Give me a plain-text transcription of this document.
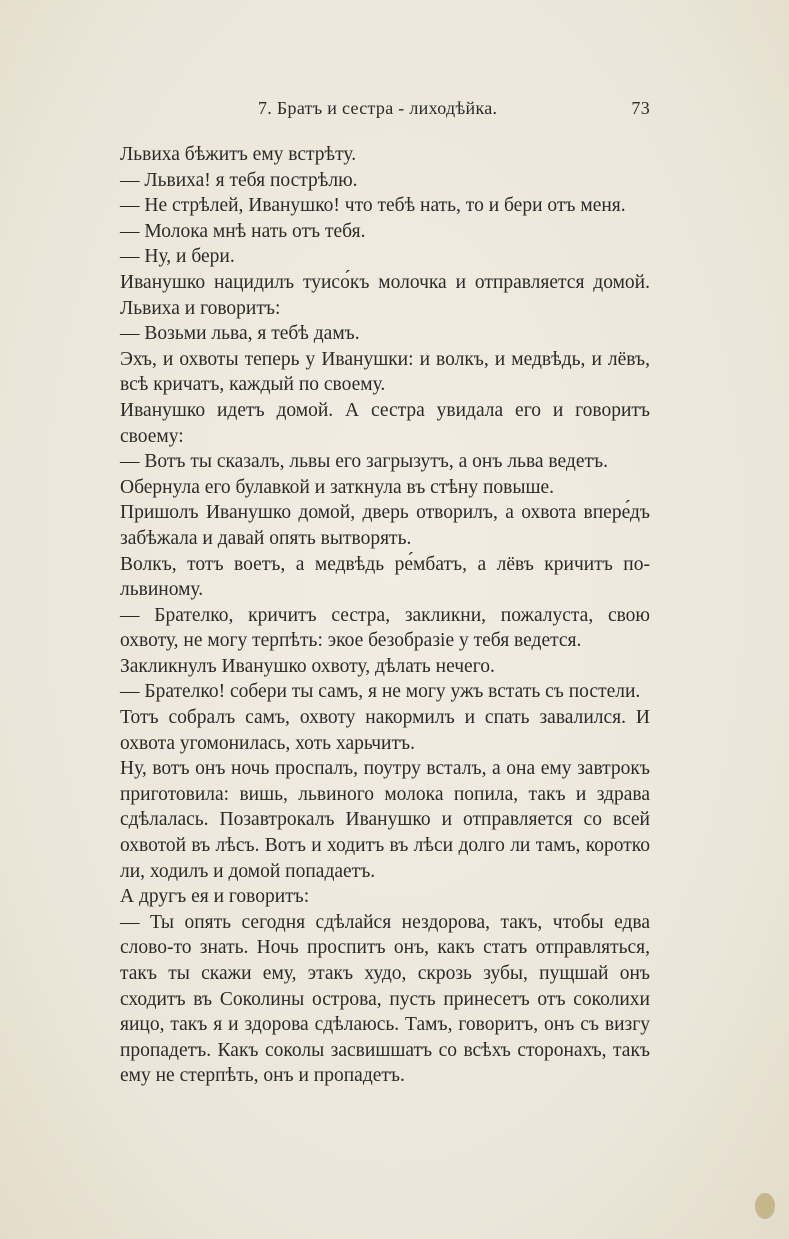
7. Братъ и сестра - лиходѣйка.	73

Львиха бѣжитъ ему встрѣту.

— Львиха! я тебя пострѣлю.

— Не стрѣлей, Иванушко! что тебѣ нать, то и бери отъ меня.

— Молока мнѣ нать отъ тебя.

— Ну, и бери.

Иванушко нацидилъ туисо́къ молочка и отправляется домой. Львиха и говоритъ:

— Возьми льва, я тебѣ дамъ.

Эхъ, и охвоты теперь у Иванушки: и волкъ, и медвѣдь, и лёвъ, всѣ кричатъ, каждый по своему.

Иванушко идетъ домой. А сестра увидала его и говоритъ своему:

— Вотъ ты сказалъ, львы его загрызутъ, а онъ льва ведетъ.

Обернула его булавкой и заткнула въ стѣну повыше.

Пришолъ Иванушко домой, дверь отворилъ, а охвота впере́дъ забѣжала и давай опять вытворять.

Волкъ, тотъ воетъ, а медвѣдь ре́мбатъ, а лёвъ кричитъ по-львиному.

— Брателко, кричитъ сестра, закликни, пожалуста, свою охвоту, не могу терпѣть: экое безобразіе у тебя ведется.

Закликнулъ Иванушко охвоту, дѣлать нечего.

— Брателко! собери ты самъ, я не могу ужъ встать съ постели.

Тотъ собралъ самъ, охвоту накормилъ и спать завалился. И охвота угомонилась, хоть харьчитъ.

Ну, вотъ онъ ночь проспалъ, поутру всталъ, а она ему завтрокъ приготовила: вишь, львиного молока попила, такъ и здрава сдѣлалась. Позавтрокалъ Иванушко и отправляется со всей охвотой въ лѣсъ. Вотъ и ходитъ въ лѣси долго ли тамъ, коротко ли, ходилъ и домой попадаетъ.

А другъ ея и говоритъ:

— Ты опять сегодня сдѣлайся нездорова, такъ, чтобы едва слово-то знать. Ночь проспитъ онъ, какъ статъ отправляться, такъ ты скажи ему, этакъ худо, скрозь зубы, пущшай онъ сходитъ въ Соколины острова, пусть принесетъ отъ соколихи яицо, такъ я и здорова сдѣлаюсь. Тамъ, говоритъ, онъ съ визгу пропадетъ. Какъ соколы засвишшатъ со всѣхъ сторонахъ, такъ ему не стерпѣть, онъ и пропадетъ.
